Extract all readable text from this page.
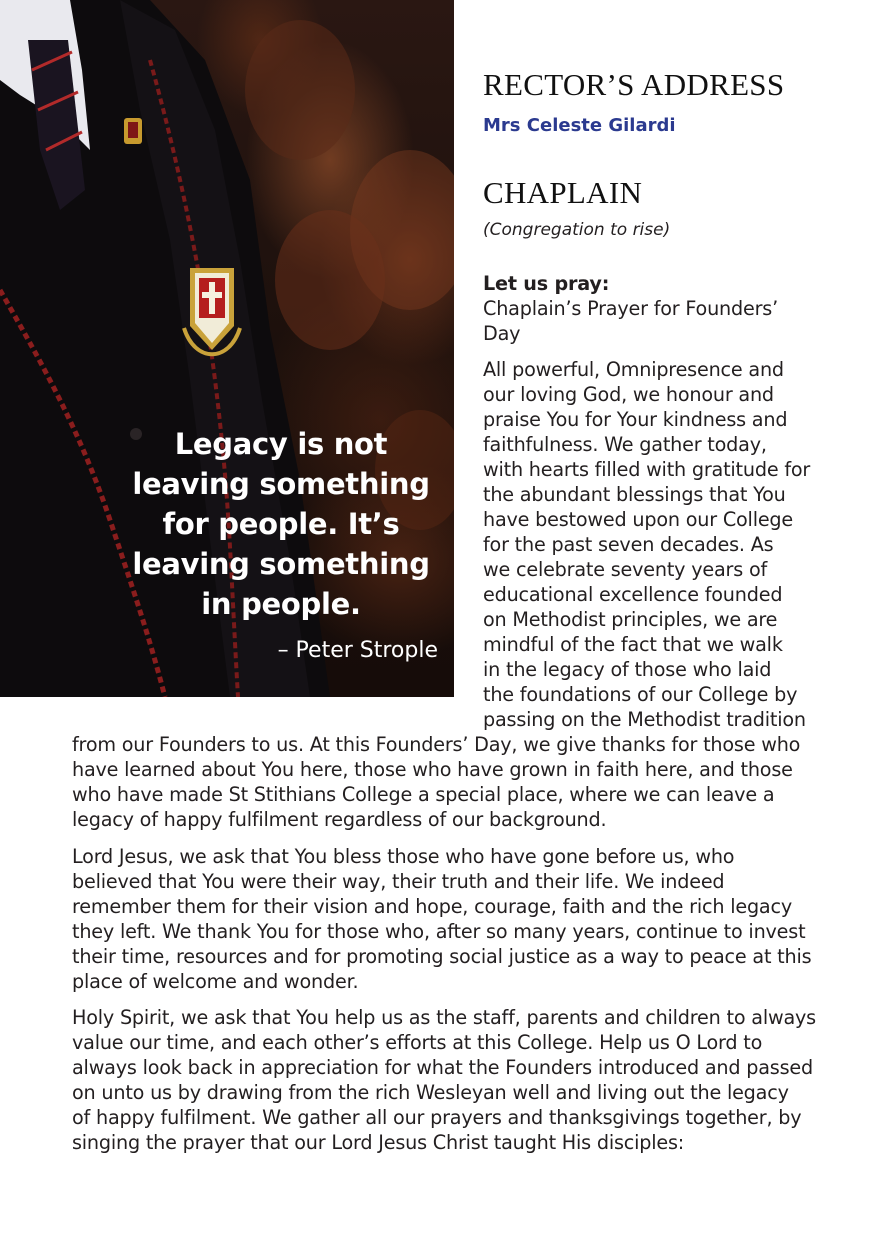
Legacy is not
leaving something
for people. It’s
leaving something
in people.
– Peter Strople
RECTOR’S ADDRESS
Mrs Celeste Gilardi
CHAPLAIN
(Congregation to rise)
Let us pray:
Chaplain’s Prayer for Founders’
Day
All powerful, Omnipresence and
our loving God, we honour and
praise You for Your kindness and
faithfulness. We gather today,
with hearts filled with gratitude for
the abundant blessings that You
have bestowed upon our College
for the past seven decades. As
we celebrate seventy years of
educational excellence founded
on Methodist principles, we are
mindful of the fact that we walk
in the legacy of those who laid
the foundations of our College by
passing on the Methodist tradition
from our Founders to us. At this Founders’ Day, we give thanks for those who
have learned about You here, those who have grown in faith here, and those
who have made St Stithians College a special place, where we can leave a
legacy of happy fulfilment regardless of our background.
Lord Jesus, we ask that You bless those who have gone before us, who
believed that You were their way, their truth and their life. We indeed
remember them for their vision and hope, courage, faith and the rich legacy
they left. We thank You for those who, after so many years, continue to invest
their time, resources and for promoting social justice as a way to peace at this
place of welcome and wonder.
Holy Spirit, we ask that You help us as the staff, parents and children to always
value our time, and each other’s efforts at this College. Help us O Lord to
always look back in appreciation for what the Founders introduced and passed
on unto us by drawing from the rich Wesleyan well and living out the legacy
of happy fulfilment. We gather all our prayers and thanksgivings together, by
singing the prayer that our Lord Jesus Christ taught His disciples:
